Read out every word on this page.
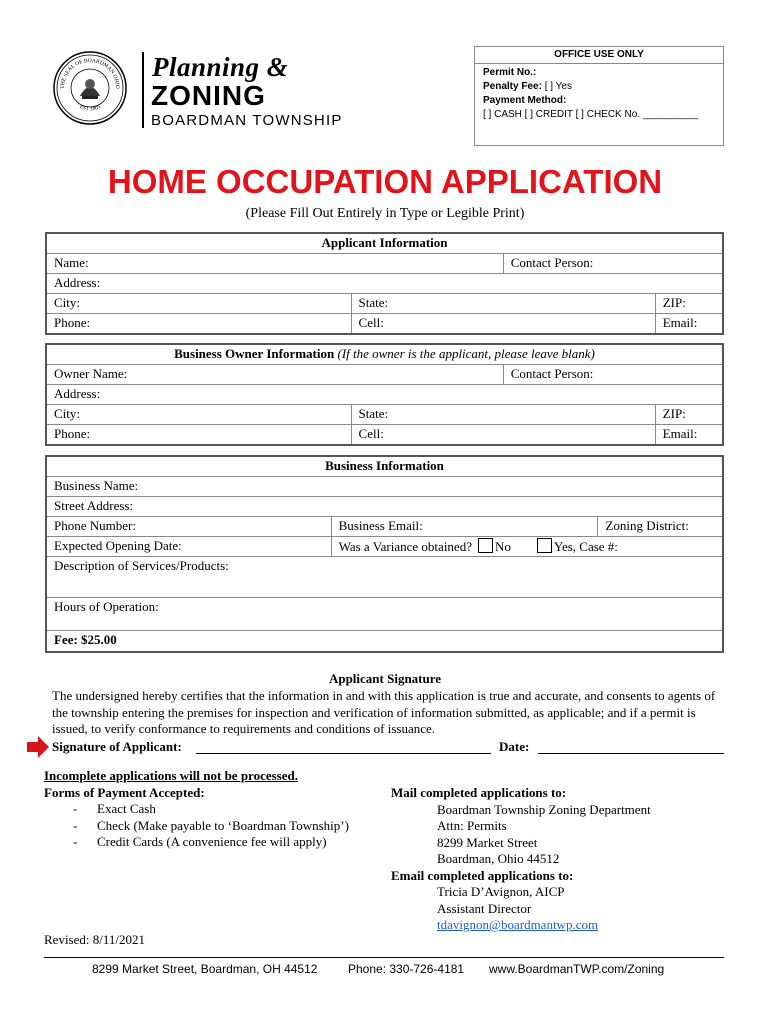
THE SEAL OF BOARDMAN OHIO
EST 1805
Planning &
ZONING
BOARDMAN TOWNSHIP
OFFICE USE ONLY
Permit No.:
Penalty Fee: [ ] Yes
Payment Method:
[ ] CASH [ ] CREDIT [ ] CHECK No. __________
HOME OCCUPATION APPLICATION
(Please Fill Out Entirely in Type or Legible Print)
Applicant Information			
Name:		Contact Person:	
Address:			
City:	State:		ZIP:
Phone:	Cell:		Email:
Business Owner Information (If the owner is the applicant, please leave blank)			
Owner Name:		Contact Person:	
Address:			
City:	State:		ZIP:
Phone:	Cell:		Email:
Business Information		
Business Name:		
Street Address:		
Phone Number:	Business Email:	Zoning District:
Expected Opening Date:	Was a Variance obtained? No Yes, Case #:	
Description of Services/Products:		
Hours of Operation:		
Fee: $25.00		
Applicant Signature
The undersigned hereby certifies that the information in and with this application is true and accurate, and consents to agents of the township entering the premises for inspection and verification of information submitted, as applicable; and if a permit is issued, to verify conformance to requirements and conditions of issuance.
Signature of Applicant:	Date:
Incomplete applications will not be processed.
Forms of Payment Accepted:
- Exact Cash
- Check (Make payable to ‘Boardman Township’)
- Credit Cards (A convenience fee will apply)
Mail completed applications to:
Boardman Township Zoning Department
Attn: Permits
8299 Market Street
Boardman, Ohio 44512
Email completed applications to:
Tricia D’Avignon, AICP
Assistant Director
tdavignon@boardmantwp.com
Revised: 8/11/2021
8299 Market Street, Boardman, OH 44512	Phone: 330-726-4181 www.BoardmanTWP.com/Zoning
